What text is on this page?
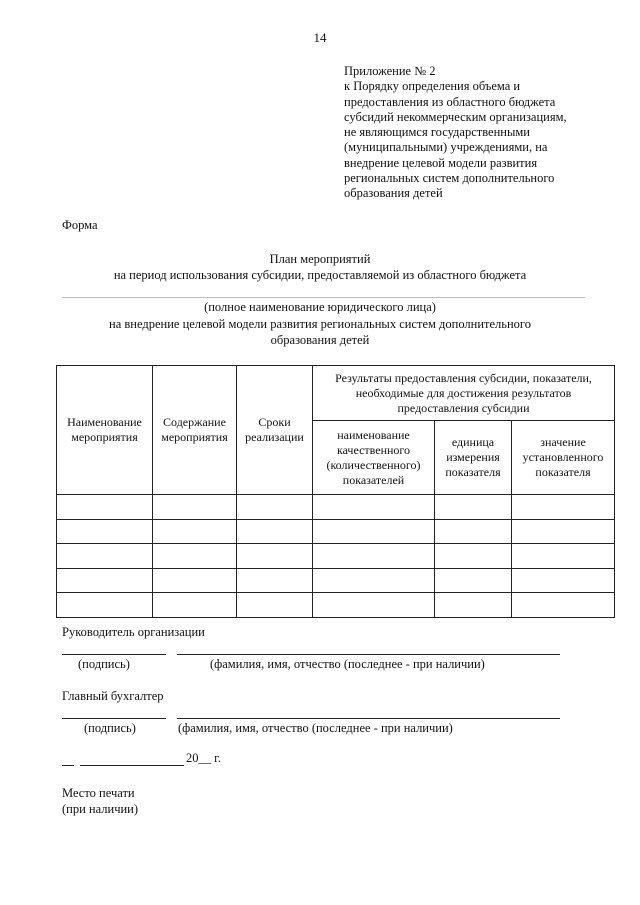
14
Приложение № 2
к Порядку определения объема и
предоставления из областного бюджета
субсидий некоммерческим организациям,
не являющимся государственными
(муниципальными) учреждениями, на
внедрение целевой модели развития
региональных систем дополнительного
образования детей
Форма
План мероприятий
на период использования субсидии, предоставляемой из областного бюджета
(полное наименование юридического лица)
на внедрение целевой модели развития региональных систем дополнительного
образования детей
Наименование мероприятия	Содержание мероприятия	Сроки реализации	Результаты предоставления субсидии, показатели, необходимые для достижения результатов предоставления субсидии		
			наименование качественного (количественного) показателей	единица измерения показателя	значение установленного показателя

Руководитель организации
(подпись)	(фамилия, имя, отчество (последнее - при наличии)
Главный бухгалтер
(подпись)	(фамилия, имя, отчество (последнее - при наличии)
20__ г.
Место печати
(при наличии)
